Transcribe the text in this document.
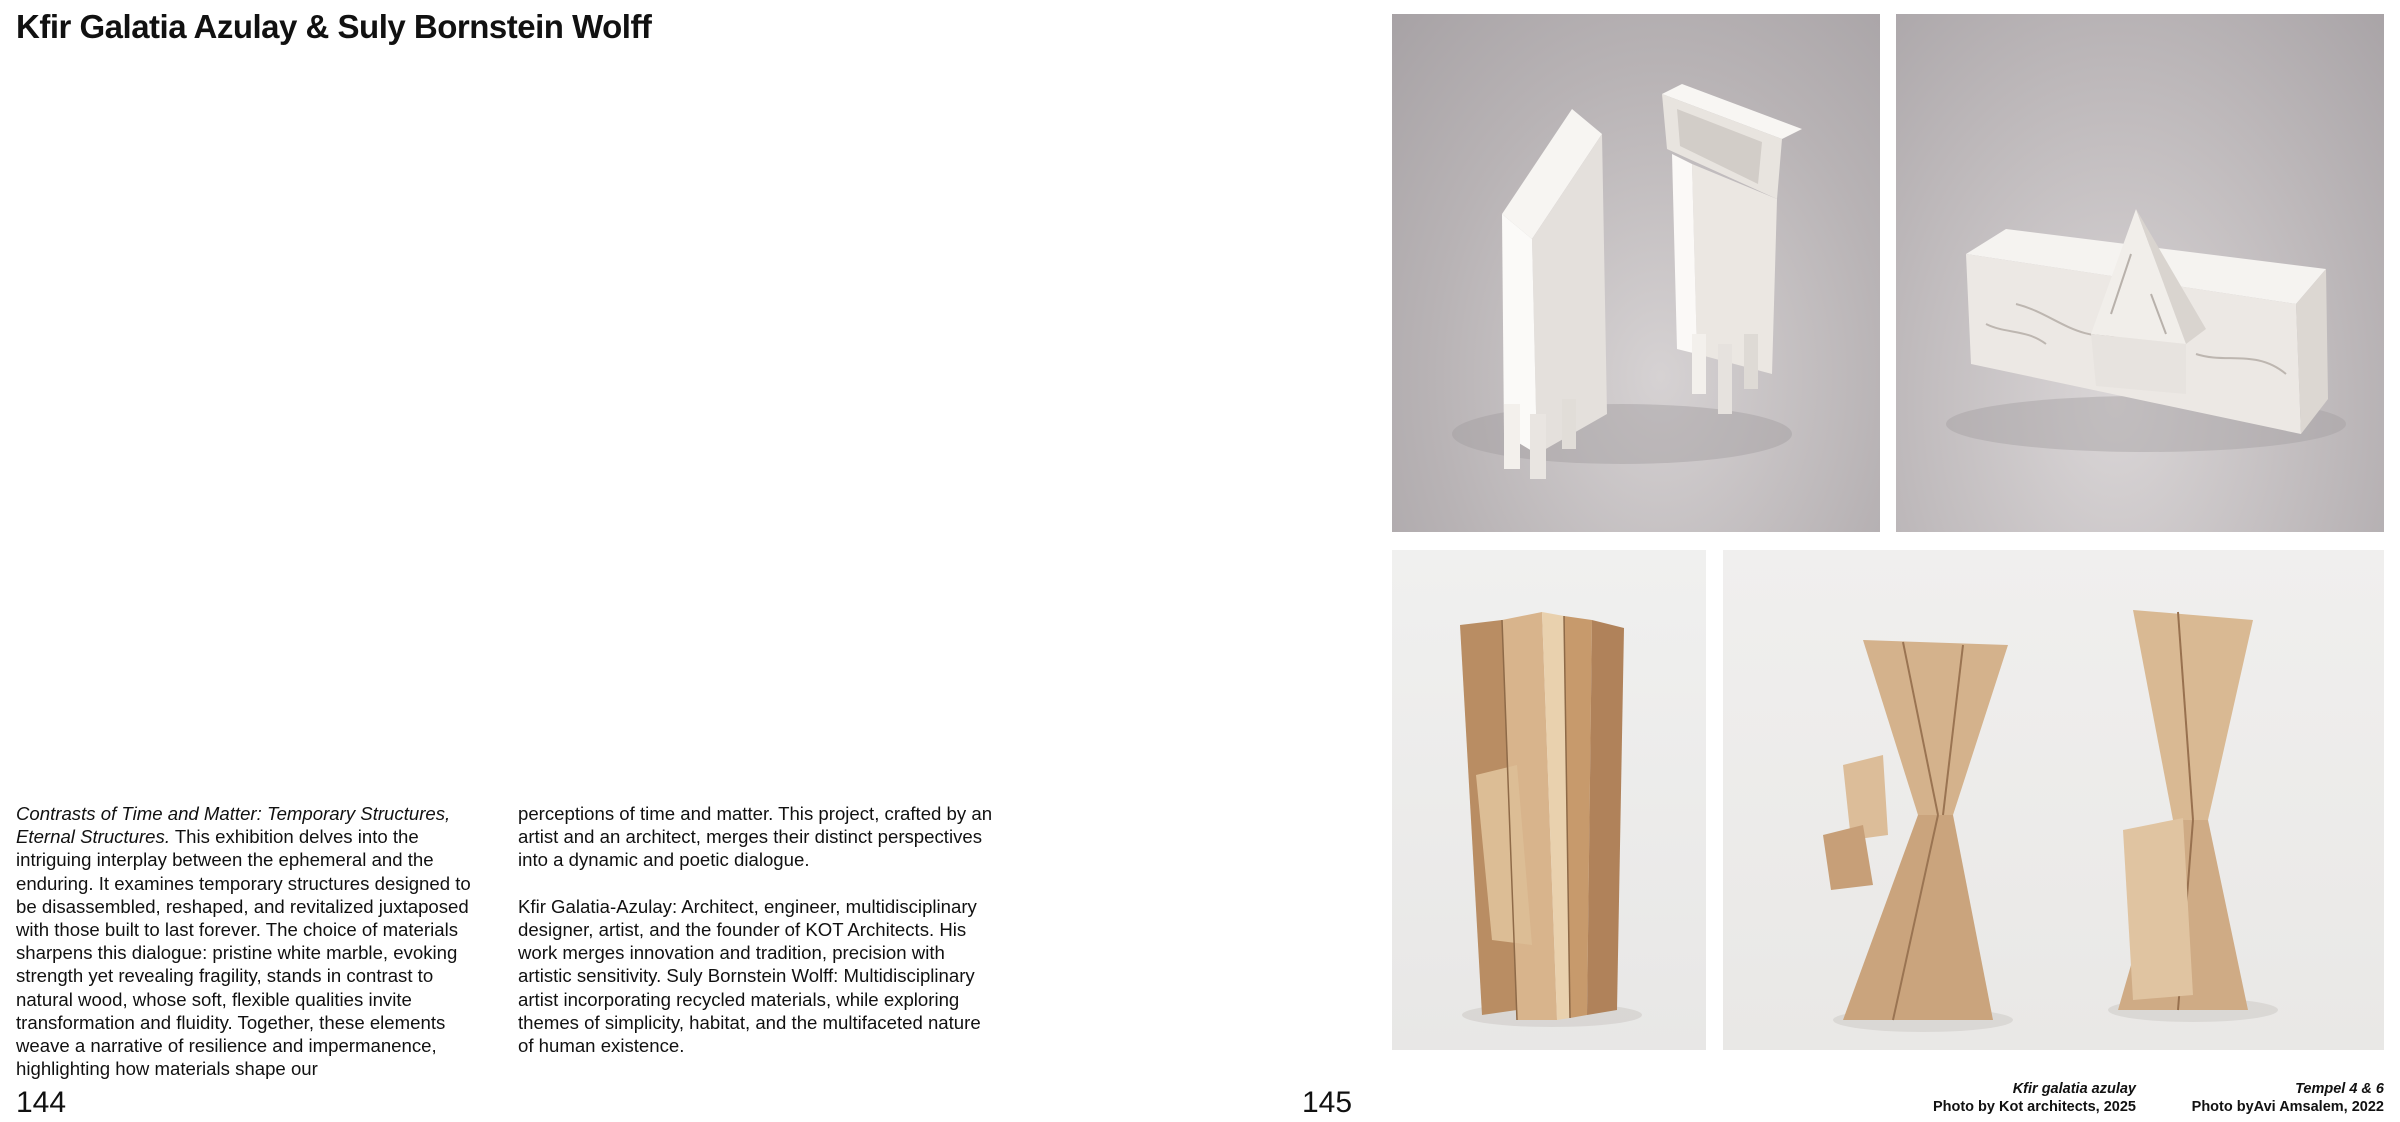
Kfir Galatia Azulay & Suly Bornstein Wolff

Contrasts of Time and Matter: Temporary Structures, Eternal Structures. This exhibition delves into the intriguing interplay between the ephemeral and the enduring. It examines temporary structures designed to be disassembled, reshaped, and revitalized juxtaposed with those built to last forever. The choice of materials sharpens this dialogue: pristine white marble, evoking strength yet revealing fragility, stands in contrast to natural wood, whose soft, flexible qualities invite transformation and fluidity. Together, these elements weave a narrative of resilience and impermanence, highlighting how materials shape our

perceptions of time and matter. This project, crafted by an artist and an architect, merges their distinct perspectives into a dynamic and poetic dialogue.

Kfir Galatia-Azulay: Architect, engineer, multidisciplinary designer, artist, and the founder of KOT Architects. His work merges innovation and tradition, precision with artistic sensitivity. Suly Bornstein Wolff: Multidisciplinary artist incorporating recycled materials, while exploring themes of simplicity, habitat, and the multifaceted nature of human existence.

144	145	Kfir galatia azulay
Photo by Kot architects, 2025
Tempel 4 & 6
Photo byAvi Amsalem, 2022
